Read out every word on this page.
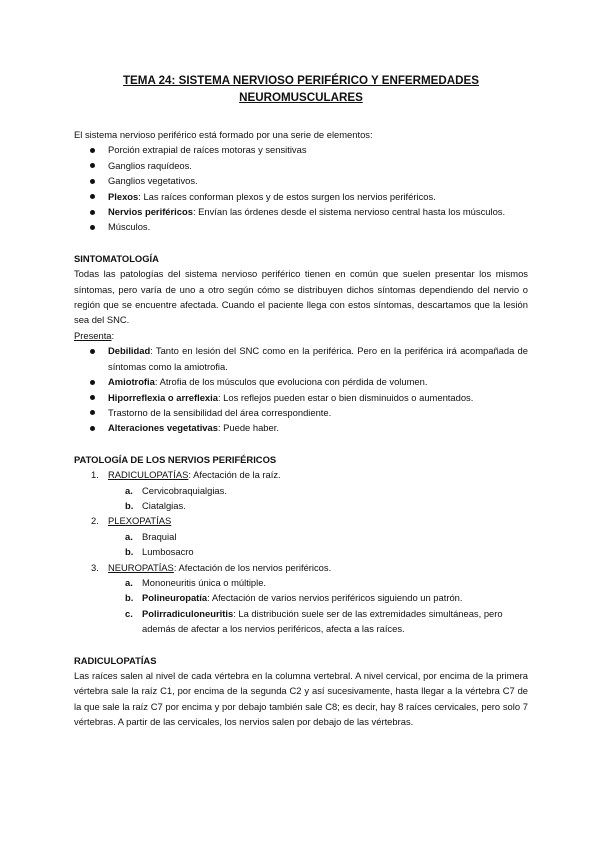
TEMA 24: SISTEMA NERVIOSO PERIFÉRICO Y ENFERMEDADES NEUROMUSCULARES

El sistema nervioso periférico está formado por una serie de elementos:

Porción extrapial de raíces motoras y sensitivas
Ganglios raquídeos.
Ganglios vegetativos.
Plexos: Las raíces conforman plexos y de estos surgen los nervios periféricos.
Nervios periféricos: Envían las órdenes desde el sistema nervioso central hasta los músculos.
Músculos.

SINTOMATOLOGÍA

Todas las patologías del sistema nervioso periférico tienen en común que suelen presentar los mismos síntomas, pero varía de uno a otro según cómo se distribuyen dichos síntomas dependiendo del nervio o región que se encuentre afectada. Cuando el paciente llega con estos síntomas, descartamos que la lesión sea del SNC.

Presenta:

Debilidad: Tanto en lesión del SNC como en la periférica. Pero en la periférica irá acompañada de síntomas como la amiotrofia.
Amiotrofia: Atrofia de los músculos que evoluciona con pérdida de volumen.
Hiporreflexia o arreflexia: Los reflejos pueden estar o bien disminuidos o aumentados.
Trastorno de la sensibilidad del área correspondiente.
Alteraciones vegetativas: Puede haber.

PATOLOGÍA DE LOS NERVIOS PERIFÉRICOS

1. RADICULOPATÍAS: Afectación de la raíz.
a. Cervicobraquialgias.
b. Ciatalgias.
2. PLEXOPATÍAS
a. Braquial
b. Lumbosacro
3. NEUROPATÍAS: Afectación de los nervios periféricos.
a. Mononeuritis única o múltiple.
b. Polineuropatía: Afectación de varios nervios periféricos siguiendo un patrón.
c. Polirradiculoneuritis: La distribución suele ser de las extremidades simultáneas, pero además de afectar a los nervios periféricos, afecta a las raíces.

RADICULOPATÍAS

Las raíces salen al nivel de cada vértebra en la columna vertebral. A nivel cervical, por encima de la primera vértebra sale la raíz C1, por encima de la segunda C2 y así sucesivamente, hasta llegar a la vértebra C7 de la que sale la raíz C7 por encima y por debajo también sale C8; es decir, hay 8 raíces cervicales, pero solo 7 vértebras. A partir de las cervicales, los nervios salen por debajo de las vértebras.
